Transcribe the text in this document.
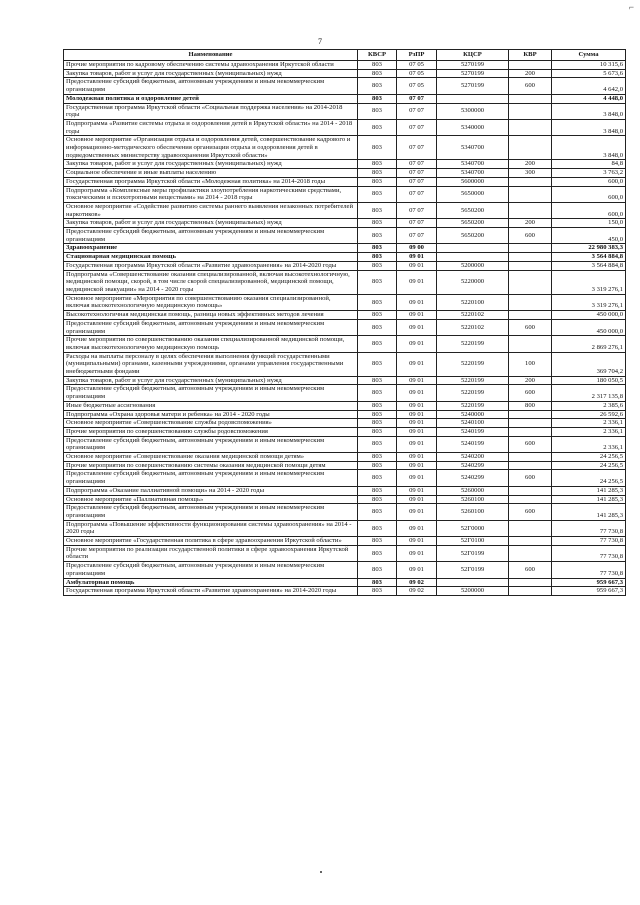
7
⌐
Наименование	КВСР	РзПР	КЦСР	КВР	Сумма
Прочие мероприятия по кадровому обеспечению системы здравоохранения Иркутской области	803	07 05	5270199		10 315,6
Закупка товаров, работ и услуг для государственных (муниципальных) нужд	803	07 05	5270199	200	5 673,6
Предоставление субсидий бюджетным, автономным учреждениям и иным некоммерческим организациям	803	07 05	5270199	600	4 642,0
Молодежная политика и оздоровление детей	803	07 07			4 448,0
Государственная программа Иркутской области «Социальная поддержка населения» на 2014-2018 годы	803	07 07	5300000		3 848,0
Подпрограмма «Развитие системы отдыха и оздоровления детей в Иркутской области» на 2014 - 2018 годы	803	07 07	5340000		3 848,0
Основное мероприятие «Организация отдыха и оздоровления детей, совершенствование кадрового и информационно-методического обеспечения организации отдыха и оздоровления детей в подведомственных министерству здравоохранения Иркутской области»	803	07 07	5340700		3 848,0
Закупка товаров, работ и услуг для государственных (муниципальных) нужд	803	07 07	5340700	200	84,8
Социальное обеспечение и иные выплаты населению	803	07 07	5340700	300	3 763,2
Государственная программа Иркутской области «Молодежная политика» на 2014-2018 годы	803	07 07	5600000		600,0
Подпрограмма «Комплексные меры профилактики злоупотребления наркотическими средствами, токсическими и психотропными веществами» на 2014 - 2018 годы	803	07 07	5650000		600,0
Основное мероприятие «Содействие развитию системы раннего выявления незаконных потребителей наркотиков»	803	07 07	5650200		600,0
Закупка товаров, работ и услуг для государственных (муниципальных) нужд	803	07 07	5650200	200	150,0
Предоставление субсидий бюджетным, автономным учреждениям и иным некоммерческим организациям	803	07 07	5650200	600	450,0
Здравоохранение	803	09 00			22 980 383,3
Стационарная медицинская помощь	803	09 01			3 564 884,8
Государственная программа Иркутской области «Развитие здравоохранения» на 2014-2020 годы	803	09 01	5200000		3 564 884,8
Подпрограмма «Совершенствование оказания специализированной, включая высокотехнологичную, медицинской помощи, скорой, в том числе скорой специализированной, медицинской помощи, медицинской эвакуации» на 2014 - 2020 годы	803	09 01	5220000		3 319 276,1
Основное мероприятие «Мероприятия по совершенствованию оказания специализированной, включая высокотехнологичную медицинскую помощь»	803	09 01	5220100		3 319 276,1
Высокотехнологичная медицинская помощь, разница новых эффективных методов лечения	803	09 01	5220102		450 000,0
Предоставление субсидий бюджетным, автономным учреждениям и иным некоммерческим организациям	803	09 01	5220102	600	450 000,0
Прочие мероприятия по совершенствованию оказания специализированной медицинской помощи, включая высокотехнологичную медицинскую помощь	803	09 01	5220199		2 869 276,1
Расходы на выплаты персоналу в целях обеспечения выполнения функций государственными (муниципальными) органами, казенными учреждениями, органами управления государственными внебюджетными фондами	803	09 01	5220199	100	369 704,2
Закупка товаров, работ и услуг для государственных (муниципальных) нужд	803	09 01	5220199	200	180 050,5
Предоставление субсидий бюджетным, автономным учреждениям и иным некоммерческим организациям	803	09 01	5220199	600	2 317 135,8
Иные бюджетные ассигнования	803	09 01	5220199	800	2 385,6
Подпрограмма «Охрана здоровья матери и ребенка» на 2014 - 2020 годы	803	09 01	5240000		26 592,6
Основное мероприятие «Совершенствование службы родовспоможения»	803	09 01	5240100		2 336,1
Прочие мероприятия по совершенствованию службы родовспоможения	803	09 01	5240199		2 336,1
Предоставление субсидий бюджетным, автономным учреждениям и иным некоммерческим организациям	803	09 01	5240199	600	2 336,1
Основное мероприятие «Совершенствование оказания медицинской помощи детям»	803	09 01	5240200		24 256,5
Прочие мероприятия по совершенствованию системы оказания медицинской помощи детям	803	09 01	5240299		24 256,5
Предоставление субсидий бюджетным, автономным учреждениям и иным некоммерческим организациям	803	09 01	5240299	600	24 256,5
Подпрограмма «Оказание паллиативной помощи» на 2014 - 2020 годы	803	09 01	5260000		141 285,3
Основное мероприятие «Паллиативная помощь»	803	09 01	5260100		141 285,3
Предоставление субсидий бюджетным, автономным учреждениям и иным некоммерческим организациям	803	09 01	5260100	600	141 285,3
Подпрограмма «Повышение эффективности функционирования системы здравоохранения» на 2014 - 2020 годы	803	09 01	52Г0000		77 730,8
Основное мероприятие «Государственная политика в сфере здравоохранения Иркутской области»	803	09 01	52Г0100		77 730,8
Прочие мероприятия по реализации государственной политики в сфере здравоохранения Иркутской области	803	09 01	52Г0199		77 730,8
Предоставление субсидий бюджетным, автономным учреждениям и иным некоммерческим организациям	803	09 01	52Г0199	600	77 730,8
Амбулаторная помощь	803	09 02			959 667,3
Государственная программа Иркутской области «Развитие здравоохранения» на 2014-2020 годы	803	09 02	5200000		959 667,3
